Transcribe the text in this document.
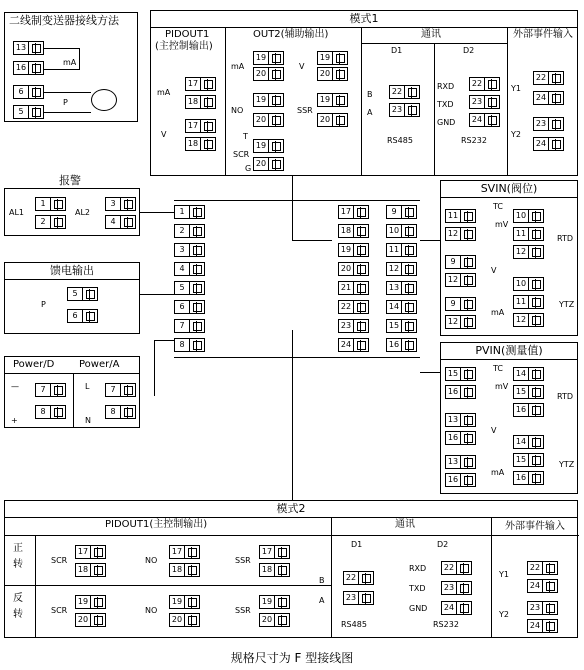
二线制变送器接线方法
13
16
6
5
mA
P
模式1
PIDOUT1
(主控制输出)
mA
V
17
18
17
18
OUT2(辅助输出)
mA	V
NO	SSR
T
SCR
G
19
20
19
20
19
20
19
20
19
20
通讯
D1	D2
B
A
22
23
RS485
RXD
TXD
GND
22
23
24
RS232
外部事件输入
Y1
Y2
22
24
23
24
报警
AL1	AL2
1
2
3
4
馈电输出
P
5
6
Power/D Power/A
—
+
7
8
L
N
7
8
1
2
3
4
5
6
7
8
17
18
19
20
21
22
23
24
9
10
11
12
13
14
15
16
SVIN(阀位)
11
12
9
12
9
12
10
11
12
10
11
12
TC
mV
V
mA
RTD
YTZ
PVIN(测量值)
15
16
13
16
13
16
14
15
16
14
15
16
TC
mV
V
mA
RTD
YTZ
模式2
PIDOUT1(主控制输出)
正转
反转
17
18
SCR
17
18
NO
17
18
SSR
19
20
SCR
19
20
NO
19
20
SSR
22
23
22
23
24
22
24
23
24
通讯
D1	D2
B
A
RS485
RXD
TXD
GND
RS232
外部事件输入
Y1
Y2
规格尺寸为 F 型接线图
